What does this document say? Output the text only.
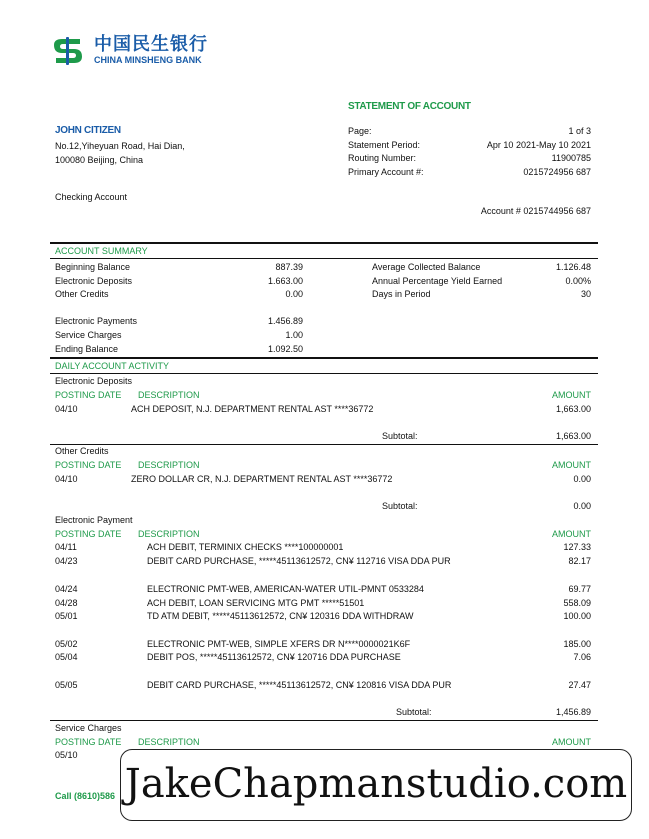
中国民生银行
CHINA MINSHENG BANK
STATEMENT OF ACCOUNT
JOHN CITIZEN
No.12,Yiheyuan Road, Hai Dian,
100080 Beijing, China
Page:	1 of 3
Statement Period:	Apr 10 2021-May 10 2021
Routing Number:	11900785
Primary Account #:	0215724956 687
Checking Account
Account # 0215744956 687
ACCOUNT SUMMARY
Beginning Balance	887.39
Electronic Deposits	1.663.00
Other Credits	0.00
Electronic Payments	1.456.89
Service Charges	1.00
Ending Balance	1.092.50
Average Collected Balance	1.126.48
Annual Percentage Yield Earned	0.00%
Days in Period	30
DAILY ACCOUNT ACTIVITY
Electronic Deposits
POSTING DATE DESCRIPTION	AMOUNT
04/10	ACH DEPOSIT, N.J. DEPARTMENT RENTAL AST ****36772	1,663.00
Subtotal:	1,663.00
Other Credits
POSTING DATE DESCRIPTION	AMOUNT
04/10	ZERO DOLLAR CR, N.J. DEPARTMENT RENTAL AST ****36772	0.00
Subtotal:	0.00
Electronic Payment
POSTING DATE DESCRIPTION	AMOUNT
04/11	ACH DEBIT, TERMINIX CHECKS ****100000001	127.33
04/23	DEBIT CARD PURCHASE, *****45113612572, CN¥ 112716 VISA DDA PUR	82.17
04/24	ELECTRONIC PMT-WEB, AMERICAN-WATER UTIL-PMNT 0533284	69.77
04/28	ACH DEBIT, LOAN SERVICING MTG PMT *****51501	558.09
05/01	TD ATM DEBIT, *****45113612572, CN¥ 120316 DDA WITHDRAW	100.00
05/02	ELECTRONIC PMT-WEB, SIMPLE XFERS DR N****0000021K6F	185.00
05/04	DEBIT POS, *****45113612572, CN¥ 120716 DDA PURCHASE	7.06
05/05	DEBIT CARD PURCHASE, *****45113612572, CN¥ 120816 VISA DDA PUR	27.47
Subtotal:	1,456.89
Service Charges
POSTING DATE DESCRIPTION	AMOUNT
05/10
Call (8610)586 JakeChapmanstudio.com
